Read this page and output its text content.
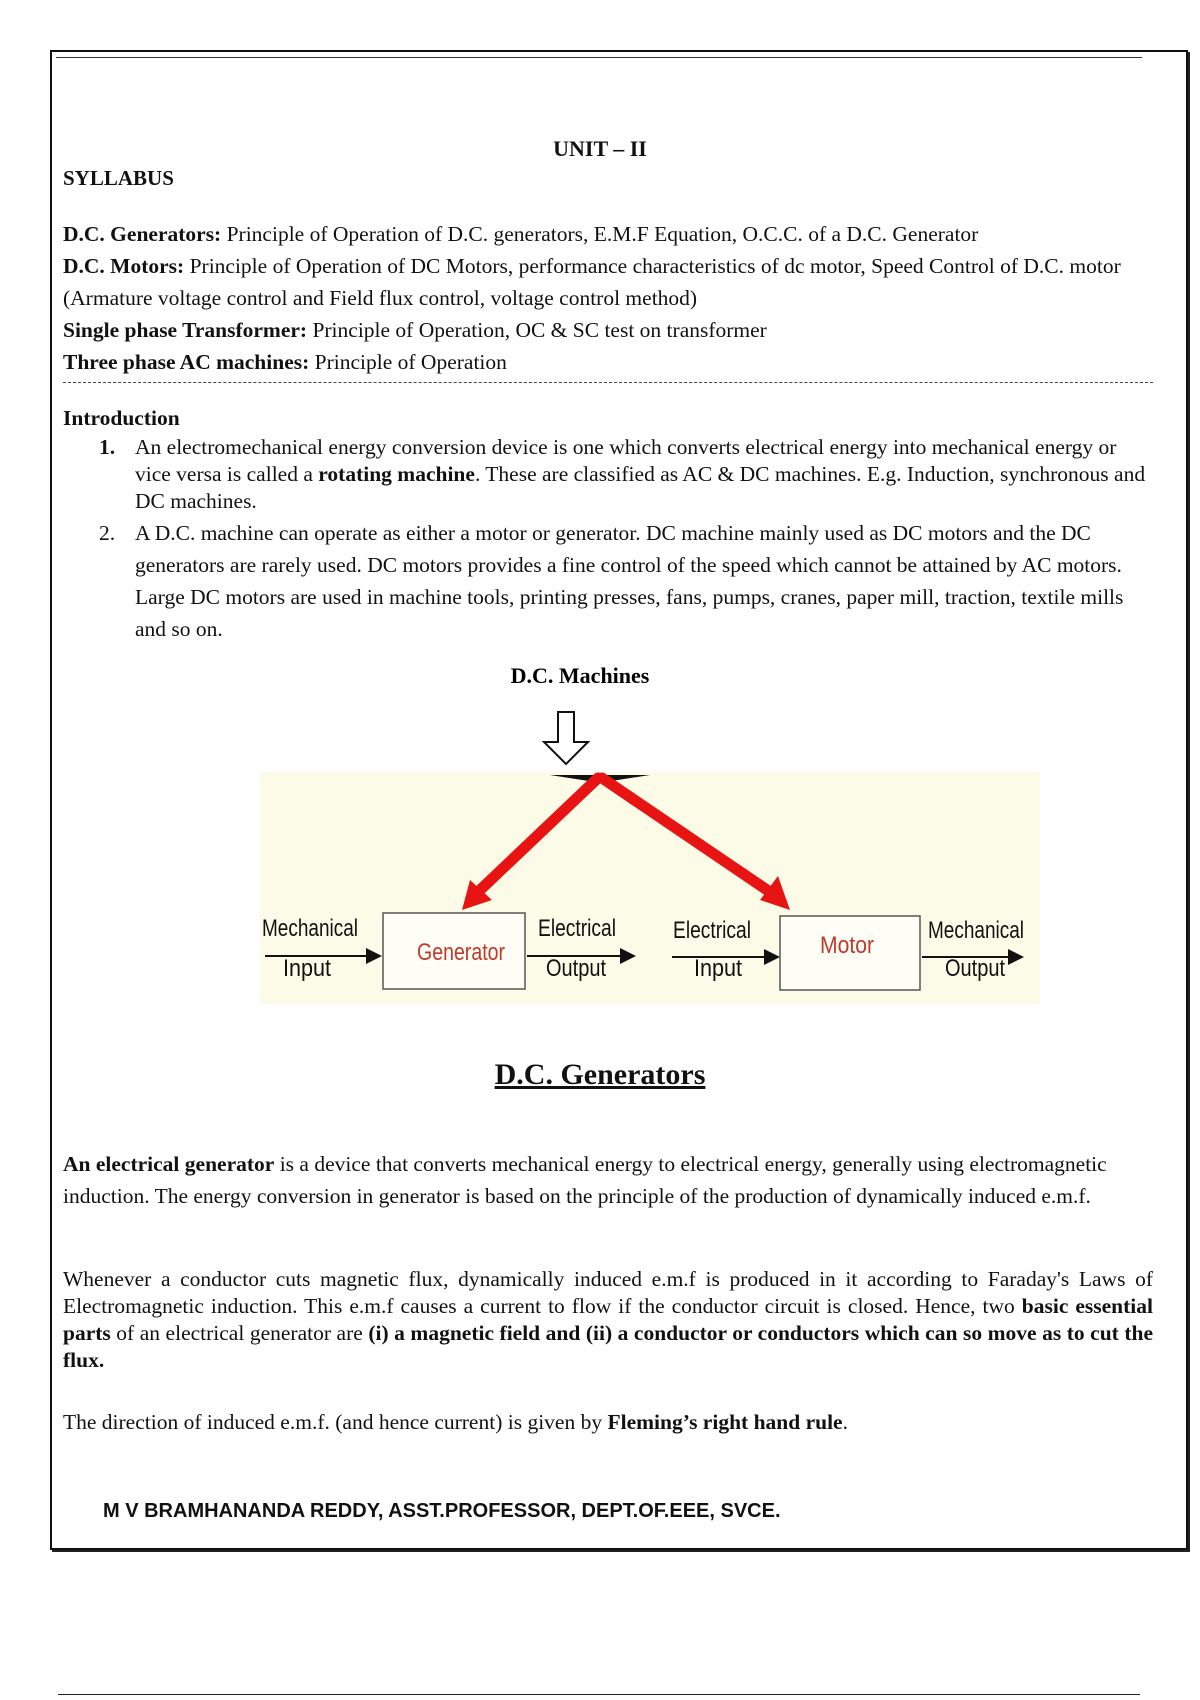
UNIT – II
SYLLABUS

D.C. Generators: Principle of Operation of D.C. generators, E.M.F Equation, O.C.C. of a D.C. Generator

D.C. Motors: Principle of Operation of DC Motors, performance characteristics of dc motor, Speed Control of D.C. motor (Armature voltage control and Field flux control, voltage control method)

Single phase Transformer: Principle of Operation, OC & SC test on transformer

Three phase AC machines: Principle of Operation

Introduction
1. An electromechanical energy conversion device is one which converts electrical energy into mechanical energy or vice versa is called a rotating machine. These are classified as AC & DC machines. E.g. Induction, synchronous and DC machines.
2. A D.C. machine can operate as either a motor or generator. DC machine mainly used as DC motors and the DC generators are rarely used. DC motors provides a fine control of the speed which cannot be attained by AC motors. Large DC motors are used in machine tools, printing presses, fans, pumps, cranes, paper mill, traction, textile mills and so on.
D.C. Machines
Mechanical
Input
Generator
Electrical
Output
Electrical
Input
Motor
Mechanical
Output
D.C. Generators

An electrical generator is a device that converts mechanical energy to electrical energy, generally using electromagnetic induction. The energy conversion in generator is based on the principle of the production of dynamically induced e.m.f.

Whenever a conductor cuts magnetic flux, dynamically induced e.m.f is produced in it according to Faraday's Laws of Electromagnetic induction. This e.m.f causes a current to flow if the conductor circuit is closed. Hence, two basic essential parts of an electrical generator are (i) a magnetic field and (ii) a conductor or conductors which can so move as to cut the flux.

The direction of induced e.m.f. (and hence current) is given by Fleming’s right hand rule.

M V BRAMHANANDA REDDY, ASST.PROFESSOR, DEPT.OF.EEE, SVCE.
